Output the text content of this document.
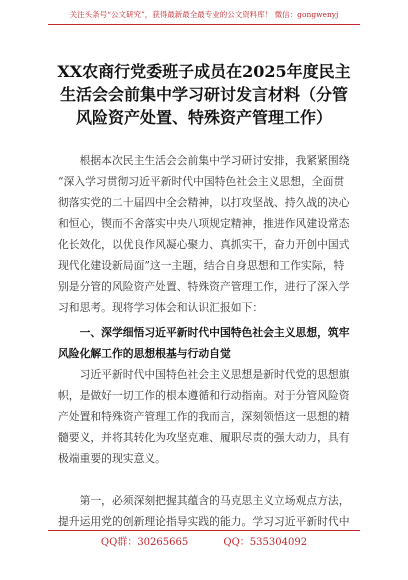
关注头条号“公文研究”，获得最新最全最专业的公文资料库！ 微信：gongwenyj
XX农商行党委班子成员在2025年度民主
生活会会前集中学习研讨发言材料（分管
风险资产处置、特殊资产管理工作）
　　根据本次民主生活会会前集中学习研讨安排，我紧紧围绕
“深入学习贯彻习近平新时代中国特色社会主义思想，全面贯
彻落实党的二十届四中全会精神，以打攻坚战、持久战的决心
和恒心，锲而不舍落实中央八项规定精神，推进作风建设常态
化长效化，以优良作风凝心聚力、真抓实干，奋力开创中国式
现代化建设新局面”这一主题，结合自身思想和工作实际，特
别是分管的风险资产处置、特殊资产管理工作，进行了深入学
习和思考。现将学习体会和认识汇报如下：
　　一、深学细悟习近平新时代中国特色社会主义思想，筑牢
风险化解工作的思想根基与行动自觉
　　习近平新时代中国特色社会主义思想是新时代党的思想旗
帜，是做好一切工作的根本遵循和行动指南。对于分管风险资
产处置和特殊资产管理工作的我而言，深刻领悟这一思想的精
髓要义，并将其转化为攻坚克难、履职尽责的强大动力，具有
极端重要的现实意义。
　　第一，必须深刻把握其蕴含的马克思主义立场观点方法，
提升运用党的创新理论指导实践的能力。学习习近平新时代中
QQ群：30265665	QQ：535304092
